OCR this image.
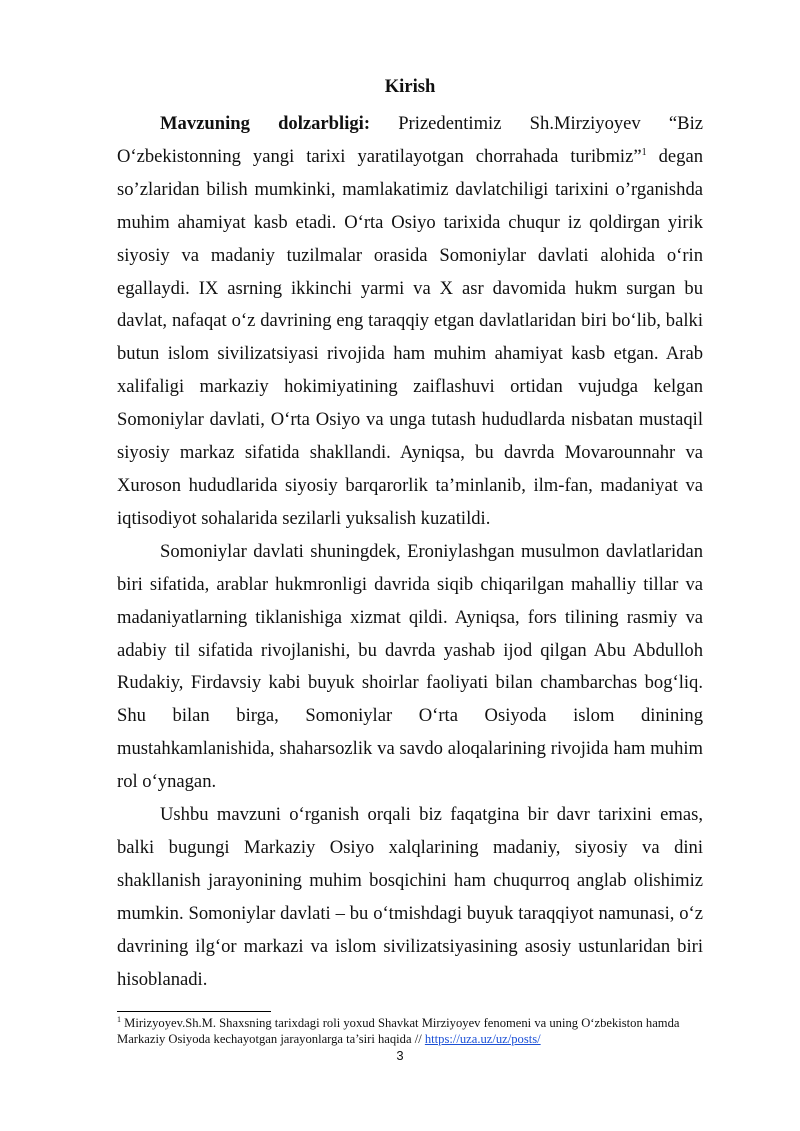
Kirish

Mavzuning dolzarbligi: Prizedentimiz Sh.Mirziyoyev “Biz O‘zbekistonning yangi tarixi yaratilayotgan chorrahada turibmiz”$^1$ degan so’zlaridan bilish mumkinki, mamlakatimiz davlatchiligi tarixini o’rganishda muhim ahamiyat kasb etadi. O‘rta Osiyo tarixida chuqur iz qoldirgan yirik siyosiy va madaniy tuzilmalar orasida Somoniylar davlati alohida o‘rin egallaydi. IX asrning ikkinchi yarmi va X asr davomida hukm surgan bu davlat, nafaqat o‘z davrining eng taraqqiy etgan davlatlaridan biri bo‘lib, balki butun islom sivilizatsiyasi rivojida ham muhim ahamiyat kasb etgan. Arab xalifaligi markaziy hokimiyatining zaiflashuvi ortidan vujudga kelgan Somoniylar davlati, O‘rta Osiyo va unga tutash hududlarda nisbatan mustaqil siyosiy markaz sifatida shakllandi. Ayniqsa, bu davrda Movarounnahr va Xuroson hududlarida siyosiy barqarorlik ta’minlanib, ilm-fan, madaniyat va iqtisodiyot sohalarida sezilarli yuksalish kuzatildi.

Somoniylar davlati shuningdek, Eroniylashgan musulmon davlatlaridan biri sifatida, arablar hukmronligi davrida siqib chiqarilgan mahalliy tillar va madaniyatlarning tiklanishiga xizmat qildi. Ayniqsa, fors tilining rasmiy va adabiy til sifatida rivojlanishi, bu davrda yashab ijod qilgan Abu Abdulloh Rudakiy, Firdavsiy kabi buyuk shoirlar faoliyati bilan chambarchas bog‘liq. Shu bilan birga, Somoniylar O‘rta Osiyoda islom dinining mustahkamlanishida, shaharsozlik va savdo aloqalarining rivojida ham muhim rol o‘ynagan.

Ushbu mavzuni o‘rganish orqali biz faqatgina bir davr tarixini emas, balki bugungi Markaziy Osiyo xalqlarining madaniy, siyosiy va dini shakllanish jarayonining muhim bosqichini ham chuqurroq anglab olishimiz mumkin. Somoniylar davlati – bu o‘tmishdagi buyuk taraqqiyot namunasi, o‘z davrining ilg‘or markazi va islom sivilizatsiyasining asosiy ustunlaridan biri hisoblanadi.

$^1$ Mirizyoyev.Sh.M. Shaxsning tarixdagi roli yoxud Shavkat Mirziyoyev fenomeni va uning O‘zbekiston hamda Markaziy Osiyoda kechayotgan jarayonlarga ta’siri haqida // https://uza.uz/uz/posts/
3
